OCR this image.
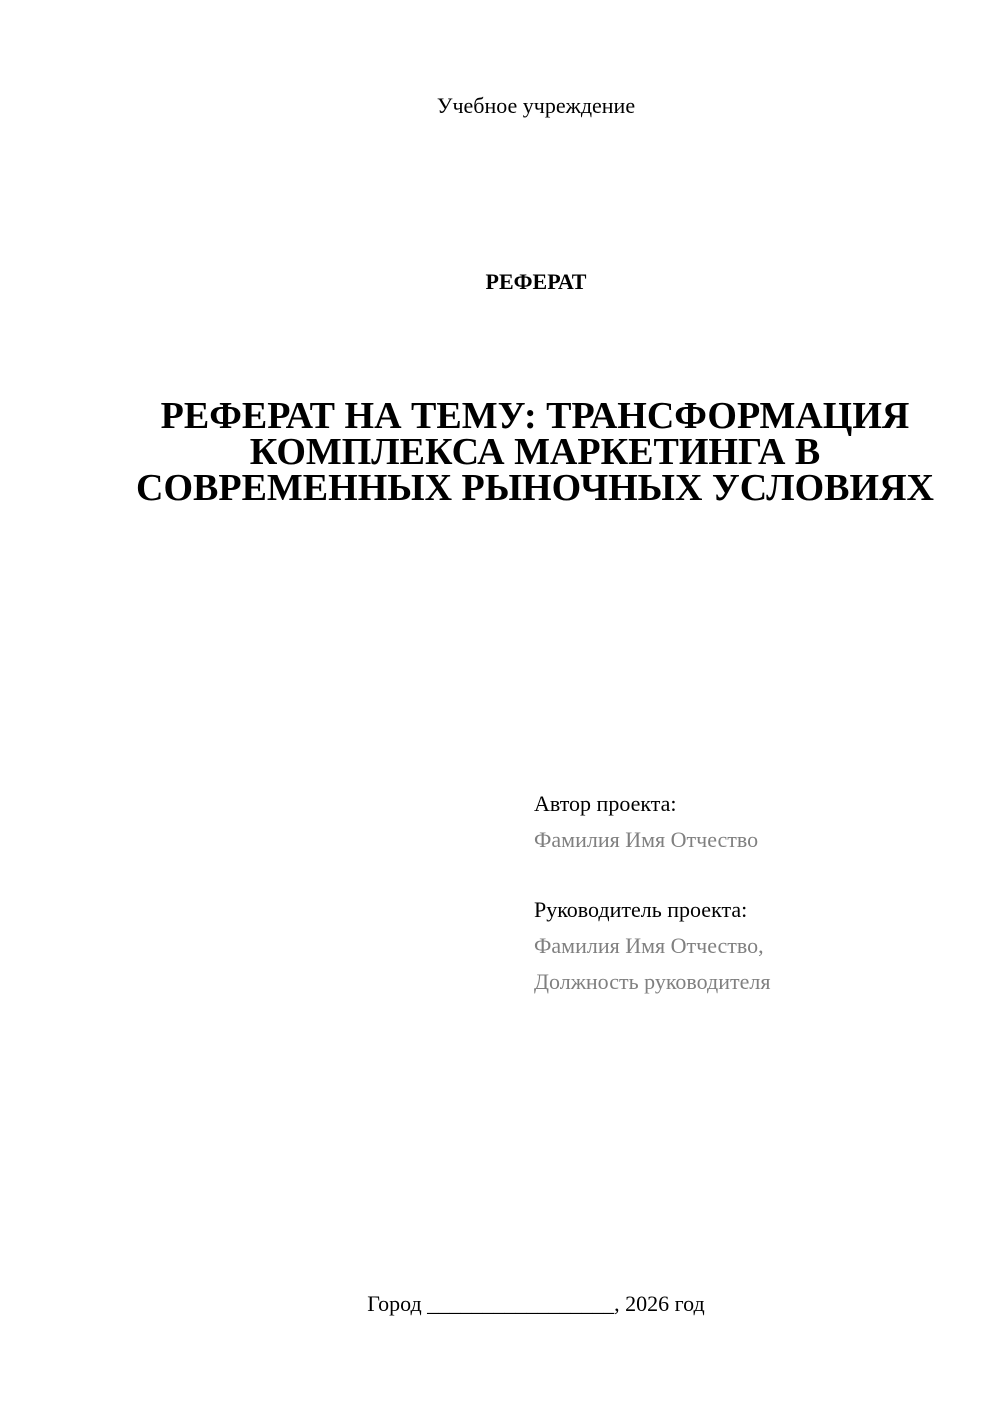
Учебное учреждение
РЕФЕРАТ
РЕФЕРАТ НА ТЕМУ: ТРАНСФОРМАЦИЯ КОМПЛЕКСА МАРКЕТИНГА В СОВРЕМЕННЫХ РЫНОЧНЫХ УСЛОВИЯХ
Автор проекта:
Фамилия Имя Отчество
Руководитель проекта:
Фамилия Имя Отчество,
Должность руководителя
Город _________________, 2026 год
